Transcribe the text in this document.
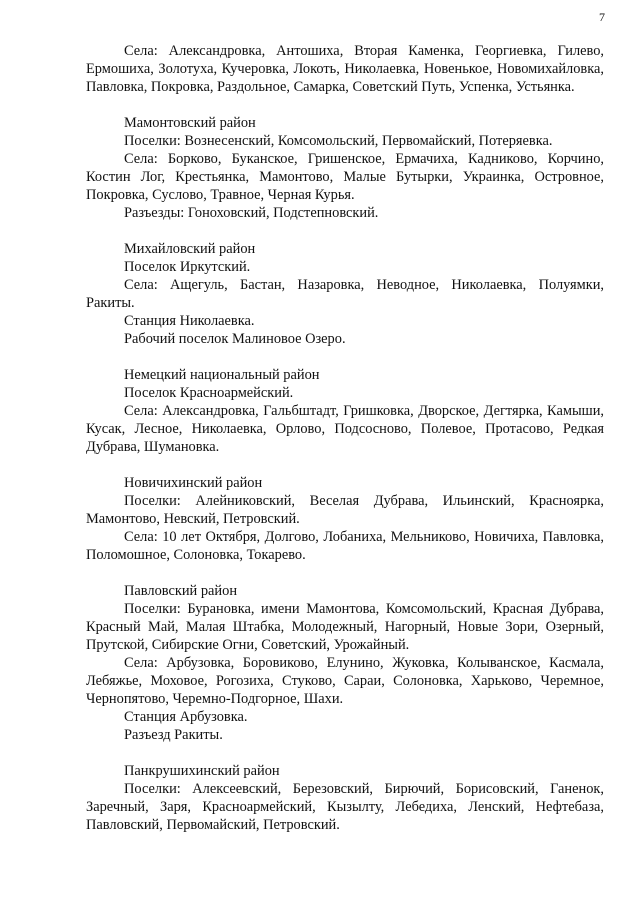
7

Села: Александровка, Антошиха, Вторая Каменка, Георгиевка, Гилево, Ермошиха, Золотуха, Кучеровка, Локоть, Николаевка, Новенькое, Новомихайловка, Павловка, Покровка, Раздольное, Самарка, Советский Путь, Успенка, Устьянка.

Мамонтовский район

Поселки: Вознесенский, Комсомольский, Первомайский, Потеряевка.

Села: Борково, Буканское, Гришенское, Ермачиха, Кадниково, Корчино, Костин Лог, Крестьянка, Мамонтово, Малые Бутырки, Украинка, Островное, Покровка, Суслово, Травное, Черная Курья.

Разъезды: Гоноховский, Подстепновский.

Михайловский район

Поселок Иркутский.

Села: Ащегуль, Бастан, Назаровка, Неводное, Николаевка, Полуямки, Ракиты.

Станция Николаевка.

Рабочий поселок Малиновое Озеро.

Немецкий национальный район

Поселок Красноармейский.

Села: Александровка, Гальбштадт, Гришковка, Дворское, Дегтярка, Камыши, Кусак, Лесное, Николаевка, Орлово, Подсосново, Полевое, Протасово, Редкая Дубрава, Шумановка.

Новичихинский район

Поселки: Алейниковский, Веселая Дубрава, Ильинский, Красноярка, Мамонтово, Невский, Петровский.

Села: 10 лет Октября, Долгово, Лобаниха, Мельниково, Новичиха, Павловка, Поломошное, Солоновка, Токарево.

Павловский район

Поселки: Бурановка, имени Мамонтова, Комсомольский, Красная Дубрава, Красный Май, Малая Штабка, Молодежный, Нагорный, Новые Зори, Озерный, Прутской, Сибирские Огни, Советский, Урожайный.

Села: Арбузовка, Боровиково, Елунино, Жуковка, Колыванское, Касмала, Лебяжье, Моховое, Рогозиха, Стуково, Сараи, Солоновка, Харьково, Черемное, Чернопятово, Черемно-Подгорное, Шахи.

Станция Арбузовка.

Разъезд Ракиты.

Панкрушихинский район

Поселки: Алексеевский, Березовский, Бирючий, Борисовский, Ганенок, Заречный, Заря, Красноармейский, Кызылту, Лебедиха, Ленский, Нефтебаза, Павловский, Первомайский, Петровский.
